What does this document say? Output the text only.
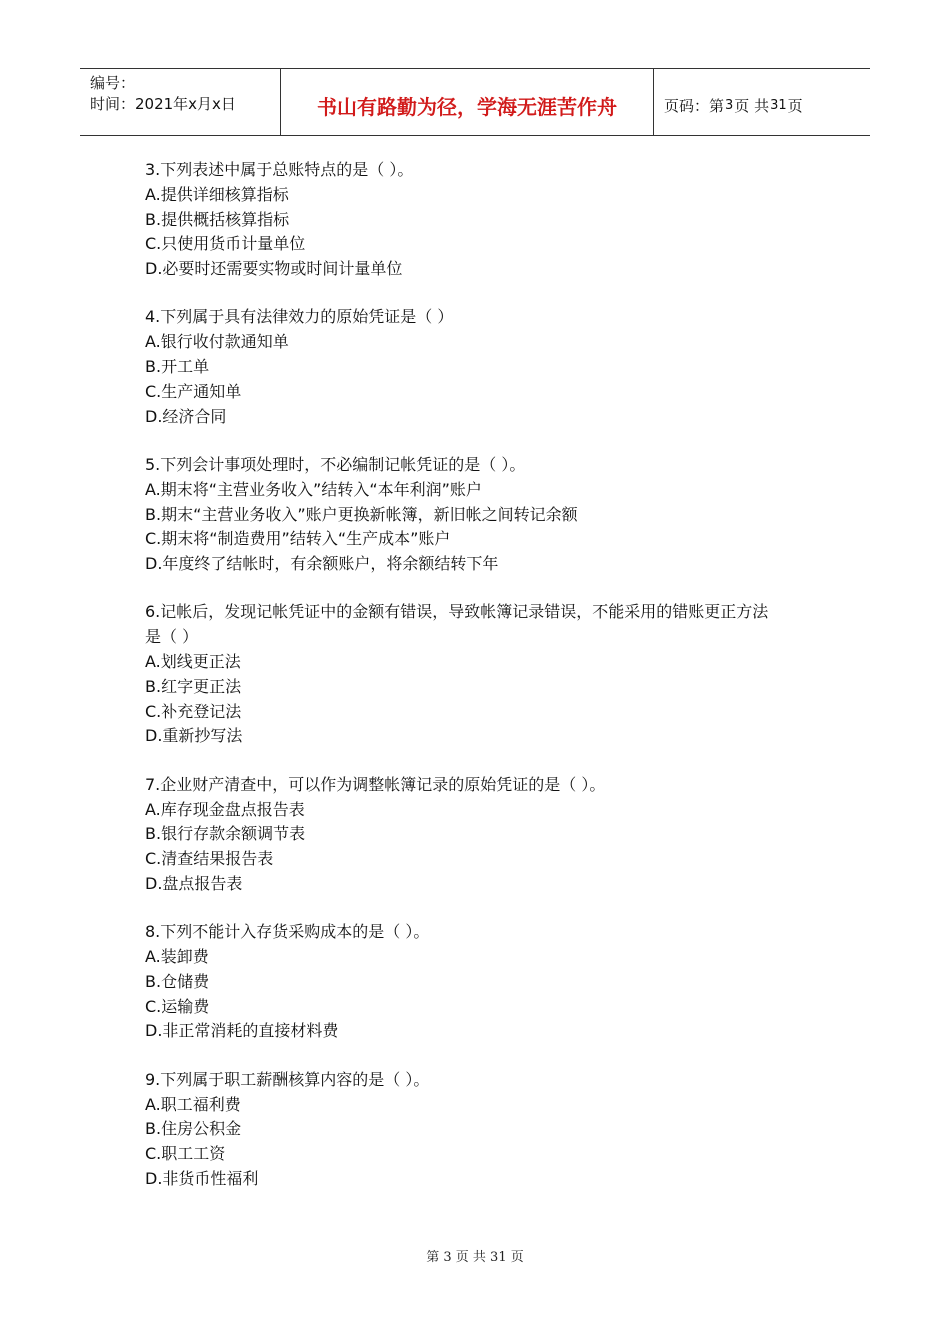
编号：
时间：2021年x月x日	书山有路勤为径，学海无涯苦作舟	页码：第 3 页 共 31 页

3.下列表述中属于总账特点的是（ ）。

A.提供详细核算指标

B.提供概括核算指标

C.只使用货币计量单位

D.必要时还需要实物或时间计量单位

4.下列属于具有法律效力的原始凭证是（ ）

A.银行收付款通知单

B.开工单

C.生产通知单

D.经济合同

5.下列会计事项处理时，不必编制记帐凭证的是（ ）。

A.期末将“主营业务收入”结转入“本年利润”账户

B.期末“主营业务收入”账户更换新帐簿，新旧帐之间转记余额

C.期末将“制造费用”结转入“生产成本”账户

D.年度终了结帐时，有余额账户，将余额结转下年

6.记帐后，发现记帐凭证中的金额有错误，导致帐簿记录错误，不能采用的错账更正方法

是（ ）

A.划线更正法

B.红字更正法

C.补充登记法

D.重新抄写法

7.企业财产清查中，可以作为调整帐簿记录的原始凭证的是（ ）。

A.库存现金盘点报告表

B.银行存款余额调节表

C.清查结果报告表

D.盘点报告表

8.下列不能计入存货采购成本的是（ ）。

A.装卸费

B.仓储费

C.运输费

D.非正常消耗的直接材料费

9.下列属于职工薪酬核算内容的是（ ）。

A.职工福利费

B.住房公积金

C.职工工资

D.非货币性福利

第 3 页 共 31 页
